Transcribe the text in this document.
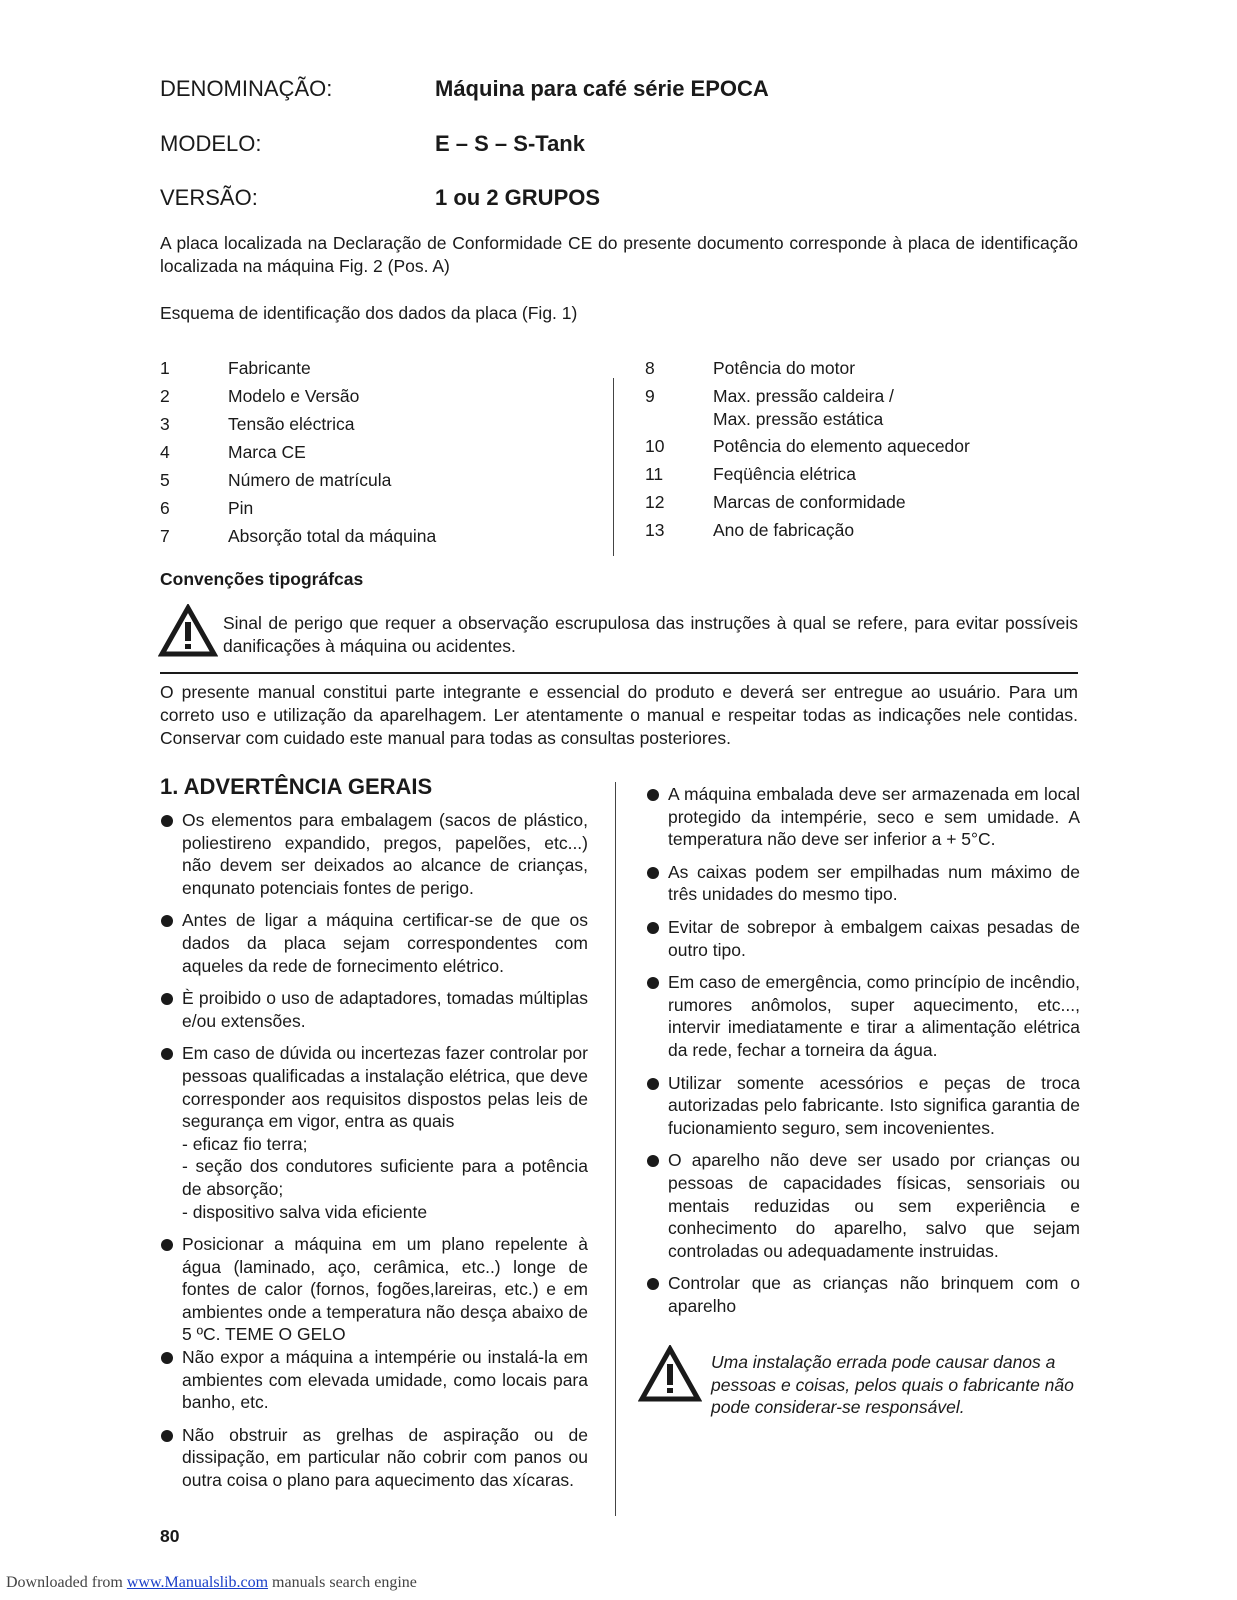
DENOMINAÇÃO:	Máquina para café série EPOCA
MODELO:	E – S – S-Tank
VERSÃO:	1 ou 2 GRUPOS

A placa localizada na Declaração de Conformidade CE do presente documento corresponde à placa de identificação localizada na máquina Fig. 2 (Pos. A)

Esquema de identificação dos dados da placa (Fig. 1)

1	Fabricante
2	Modelo e Versão
3	Tensão eléctrica
4	Marca CE
5	Número de matrícula
6	Pin
7	Absorção total da máquina
8	Potência do motor
9	Max. pressão caldeira /
Max. pressão estática
10	Potência do elemento aquecedor
11	Feqüência elétrica
12	Marcas de conformidade
13	Ano de fabricação
Convenções tipográfcas

Sinal de perigo que requer a observação escrupulosa das instruções à qual se refere, para evitar possíveis danificações à máquina ou acidentes.

O presente manual constitui parte integrante e essencial do produto e deverá ser entregue ao usuário. Para um correto uso e utilização da aparelhagem. Ler atentamente o manual e respeitar todas as indicações nele contidas. Conservar com cuidado este manual para todas as consultas posteriores.

1. ADVERTÊNCIA GERAIS
Os elementos para embalagem (sacos de plástico, poliestireno expandido, pregos, papelões, etc...) não devem ser deixados ao alcance de crianças, enqunato potenciais fontes de perigo.
Antes de ligar a máquina certificar-se de que os dados da placa sejam correspondentes com aqueles da rede de fornecimento elétrico.
È proibido o uso de adaptadores, tomadas múltiplas e/ou extensões.
Em caso de dúvida ou incertezas fazer controlar por pessoas qualificadas a instalação elétrica, que deve corresponder aos requisitos dispostos pelas leis de segurança em vigor, entra as quais
- eficaz fio terra;
- seção dos condutores suficiente para a potência de absorção;
- dispositivo salva vida eficiente
Posicionar a máquina em um plano repelente à água (laminado, aço, cerâmica, etc..) longe de fontes de calor (fornos, fogões,lareiras, etc.) e em ambientes onde a temperatura não desça abaixo de 5 ºC. TEME O GELO
Não expor a máquina a intempérie ou instalá-la em ambientes com elevada umidade, como locais para banho, etc.
Não obstruir as grelhas de aspiração ou de dissipação, em particular não cobrir com panos ou outra coisa o plano para aquecimento das xícaras.
A máquina embalada deve ser armazenada em local protegido da intempérie, seco e sem umidade. A temperatura não deve ser inferior a + 5°C.
As caixas podem ser empilhadas num máximo de três unidades do mesmo tipo.
Evitar de sobrepor à embalgem caixas pesadas de outro tipo.
Em caso de emergência, como princípio de incêndio, rumores anômolos, super aquecimento, etc..., intervir imediatamente e tirar a alimentação elétrica da rede, fechar a torneira da água.
Utilizar somente acessórios e peças de troca autorizadas pelo fabricante. Isto significa garantia de fucionamiento seguro, sem incovenientes.
O aparelho não deve ser usado por crianças ou pessoas de capacidades físicas, sensoriais ou mentais reduzidas ou sem experiência e conhecimento do aparelho, salvo que sejam controladas ou adequadamente instruidas.
Controlar que as crianças não brinquem com o aparelho

Uma instalação errada pode causar danos a pessoas e coisas, pelos quais o fabricante não pode considerar-se responsável.

80
Downloaded from www.Manualslib.com manuals search engine
